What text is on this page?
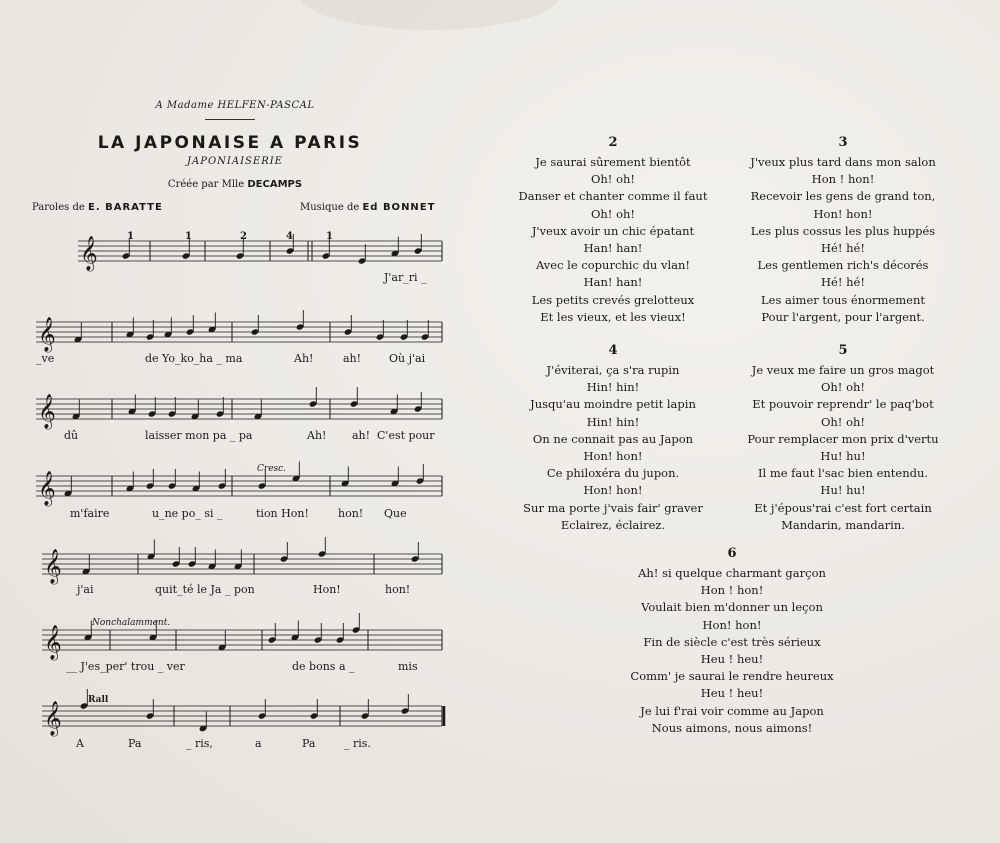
A Madame HELFEN-PASCAL
LA JAPONAISE A PARIS
JAPONIAISERIE
Créée par Mlle DECAMPS
Paroles de E. BARATTE	Musique de Ed BONNET
𝄞
𝄞
𝄞
𝄞
𝄞
𝄞
𝄞
1	1	2	4	1
Cresc.
Nonchalamment.
Rall
J'ar_ri _
_ve	de Yo_ko_ha _ ma	Ah!	ah!	Où j'ai
dû	laisser mon pa _ pa	Ah! ah! C'est pour
m'faire	u_ne po_ si _	tion Hon!	hon! Que
j'ai	quit_té le Ja _ pon	Hon!	hon!
__ J'es_per' trou _ ver	de bons a _	mis
A	Pa	_ ris,	a	Pa	_ ris.
2
Je saurai sûrement bientôt
Oh! oh!
Danser et chanter comme il faut
Oh! oh!
J'veux avoir un chic épatant
Han! han!
Avec le copurchic du vlan!
Han! han!
Les petits crevés grelotteux
Et les vieux, et les vieux!
3
J'veux plus tard dans mon salon
Hon ! hon!
Recevoir les gens de grand ton,
Hon! hon!
Les plus cossus les plus huppés
Hé! hé!
Les gentlemen rich's décorés
Hé! hé!
Les aimer tous énormement
Pour l'argent, pour l'argent.
4
J'éviterai, ça s'ra rupin
Hin! hin!
Jusqu'au moindre petit lapin
Hin! hin!
On ne connait pas au Japon
Hon! hon!
Ce philoxéra du jupon.
Hon! hon!
Sur ma porte j'vais fair' graver
Eclairez, éclairez.
5
Je veux me faire un gros magot
Oh! oh!
Et pouvoir reprendr' le paq'bot
Oh! oh!
Pour remplacer mon prix d'vertu
Hu! hu!
Il me faut l'sac bien entendu.
Hu! hu!
Et j'épous'rai c'est fort certain
Mandarin, mandarin.
6
Ah! si quelque charmant garçon
Hon ! hon!
Voulait bien m'donner un leçon
Hon! hon!
Fin de siècle c'est très sérieux
Heu ! heu!
Comm' je saurai le rendre heureux
Heu ! heu!
Je lui f'rai voir comme au Japon
Nous aimons, nous aimons!
